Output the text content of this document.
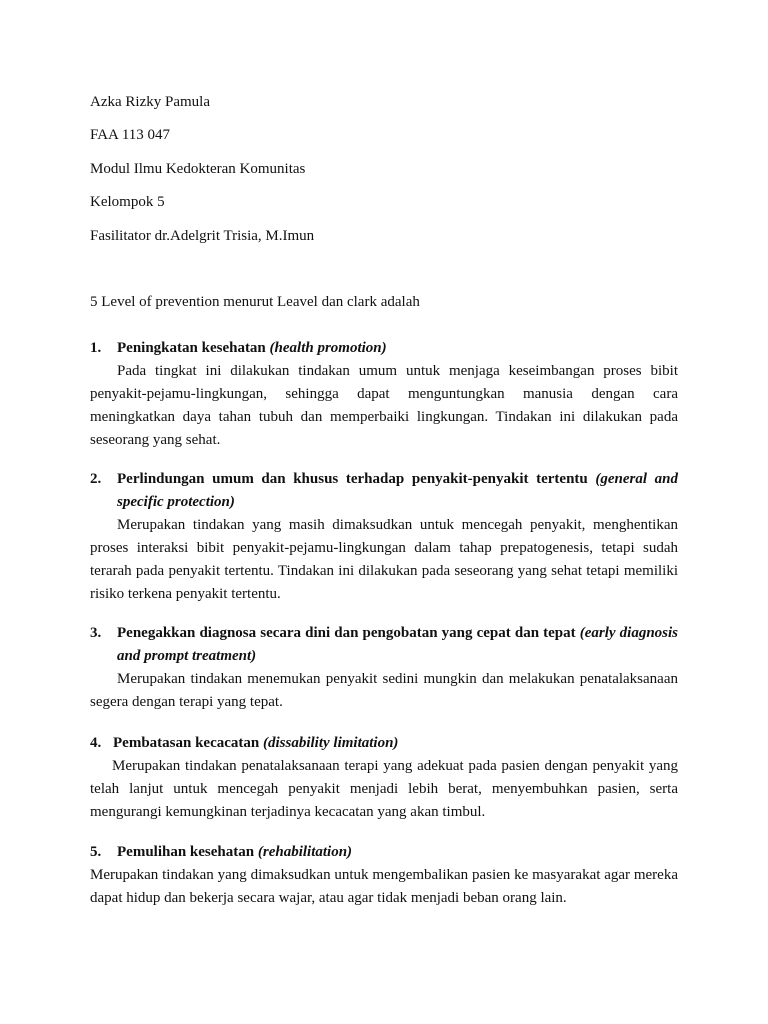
Azka Rizky Pamula
FAA 113 047
Modul Ilmu Kedokteran Komunitas
Kelompok 5
Fasilitator dr.Adelgrit Trisia, M.Imun
5 Level of prevention menurut Leavel dan clark adalah
1. Peningkatan kesehatan (health promotion)
Pada tingkat ini dilakukan tindakan umum untuk menjaga keseimbangan proses bibit penyakit-pejamu-lingkungan, sehingga dapat menguntungkan manusia dengan cara meningkatkan daya tahan tubuh dan memperbaiki lingkungan. Tindakan ini dilakukan pada seseorang yang sehat.
2. Perlindungan umum dan khusus terhadap penyakit-penyakit tertentu (general and specific protection)
Merupakan tindakan yang masih dimaksudkan untuk mencegah penyakit, menghentikan proses interaksi bibit penyakit-pejamu-lingkungan dalam tahap prepatogenesis, tetapi sudah terarah pada penyakit tertentu. Tindakan ini dilakukan pada seseorang yang sehat tetapi memiliki risiko terkena penyakit tertentu.
3. Penegakkan diagnosa secara dini dan pengobatan yang cepat dan tepat (early diagnosis and prompt treatment)
Merupakan tindakan menemukan penyakit sedini mungkin dan melakukan penatalaksanaan segera dengan terapi yang tepat.
4. Pembatasan kecacatan (dissability limitation)
Merupakan tindakan penatalaksanaan terapi yang adekuat pada pasien dengan penyakit yang telah lanjut untuk mencegah penyakit menjadi lebih berat, menyembuhkan pasien, serta mengurangi kemungkinan terjadinya kecacatan yang akan timbul.
5. Pemulihan kesehatan (rehabilitation)
Merupakan tindakan yang dimaksudkan untuk mengembalikan pasien ke masyarakat agar mereka dapat hidup dan bekerja secara wajar, atau agar tidak menjadi beban orang lain.
